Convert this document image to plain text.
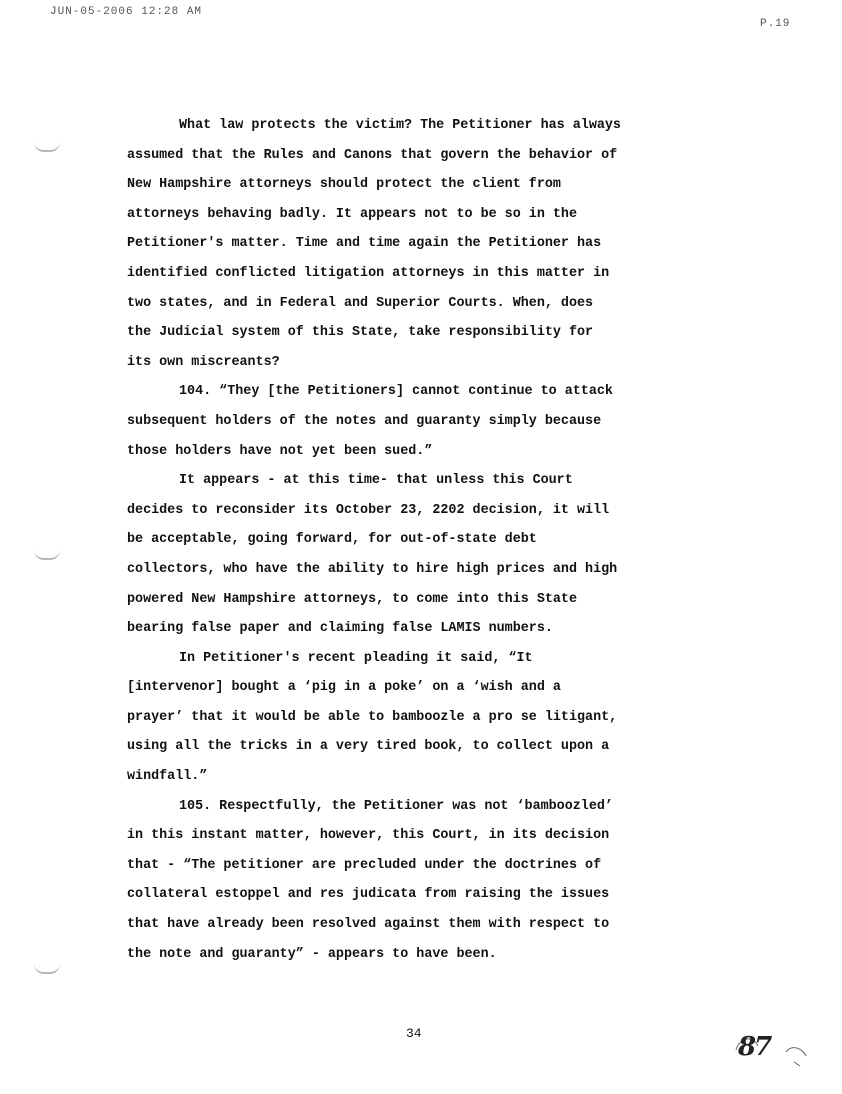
JUN-05-2006 12:28 AM
P.19
What law protects the victim? The Petitioner has always
assumed that the Rules and Canons that govern the behavior of
New Hampshire attorneys should protect the client from
attorneys behaving badly. It appears not to be so in the
Petitioner's matter. Time and time again the Petitioner has
identified conflicted litigation attorneys in this matter in
two states, and in Federal and Superior Courts. When, does
the Judicial system of this State, take responsibility for
its own miscreants?
104. “They [the Petitioners] cannot continue to attack
subsequent holders of the notes and guaranty simply because
those holders have not yet been sued.”
It appears - at this time- that unless this Court
decides to reconsider its October 23, 2202 decision, it will
be acceptable, going forward, for out-of-state debt
collectors, who have the ability to hire high prices and high
powered New Hampshire attorneys, to come into this State
bearing false paper and claiming false LAMIS numbers.
In Petitioner's recent pleading it said, “It
[intervenor] bought a ‘pig in a poke’ on a ‘wish and a
prayer’ that it would be able to bamboozle a pro se litigant,
using all the tricks in a very tired book, to collect upon a
windfall.”
105. Respectfully, the Petitioner was not ‘bamboozled’
in this instant matter, however, this Court, in its decision
that - “The petitioner are precluded under the doctrines of
collateral estoppel and res judicata from raising the issues
that have already been resolved against them with respect to
the note and guaranty” - appears to have been.
34	87
